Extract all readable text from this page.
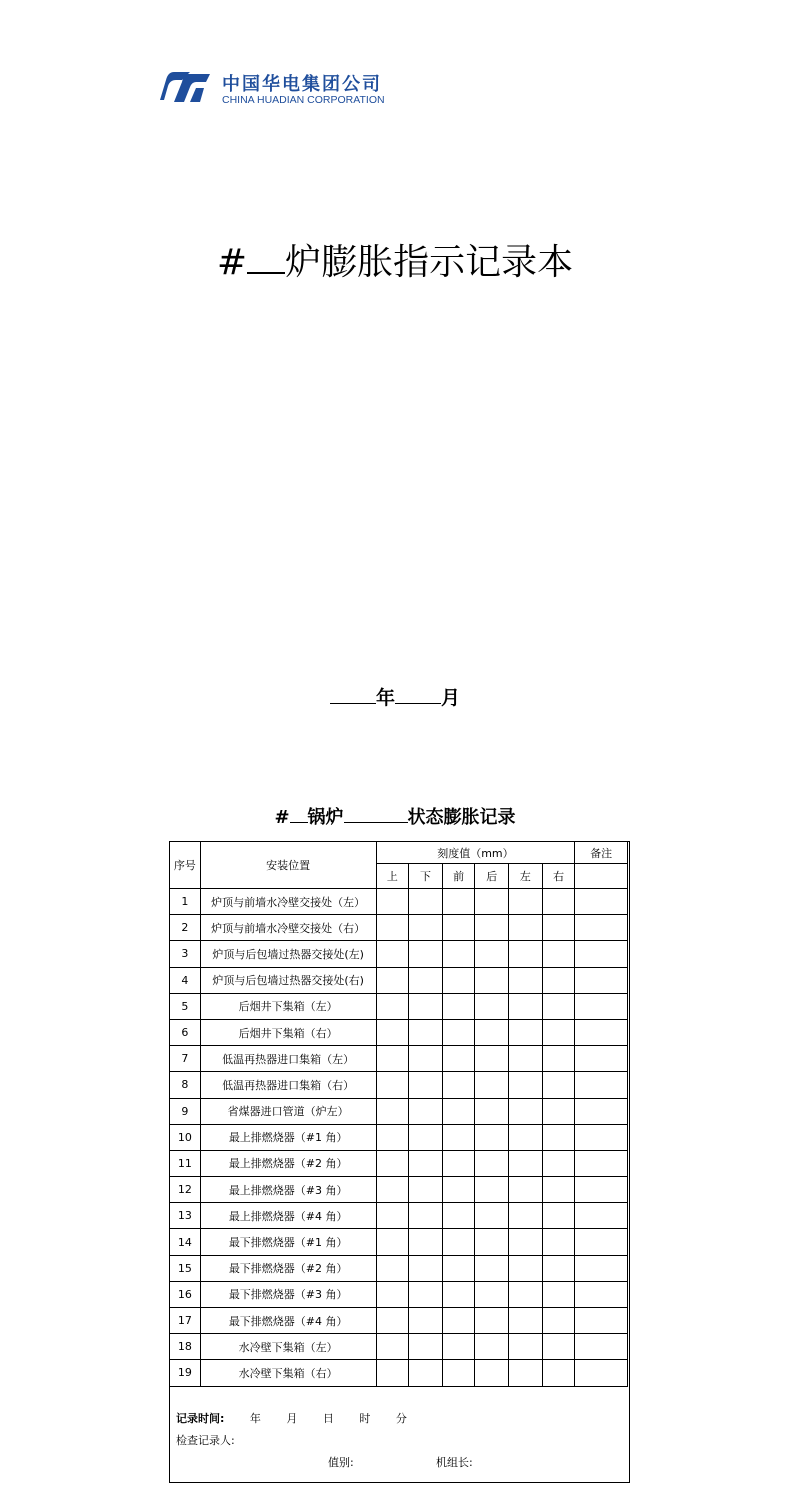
中国华电集团公司
CHINA HUADIAN CORPORATION
# 炉膨胀指示记录本
年 月
# 锅炉	状态膨胀记录
序号	安装位置	刻度值（mm）						备注
		上	下	前	后	左	右	
1	炉顶与前墙水冷壁交接处（左）							
2	炉顶与前墙水冷壁交接处（右）							
3	炉顶与后包墙过热器交接处(左)							
4	炉顶与后包墙过热器交接处(右)							
5	后烟井下集箱（左）							
6	后烟井下集箱（右）							
7	低温再热器进口集箱（左）							
8	低温再热器进口集箱（右）							
9	省煤器进口管道（炉左）							
10	最上排燃烧器（#1 角）							
11	最上排燃烧器（#2 角）							
12	最上排燃烧器（#3 角）							
13	最上排燃烧器（#4 角）							
14	最下排燃烧器（#1 角）							
15	最下排燃烧器（#2 角）							
16	最下排燃烧器（#3 角）							
17	最下排燃烧器（#4 角）							
18	水冷壁下集箱（左）							
19	水冷壁下集箱（右）							
记录时间: 年 月 日 时 分
检查记录人:
值别:	机组长:
